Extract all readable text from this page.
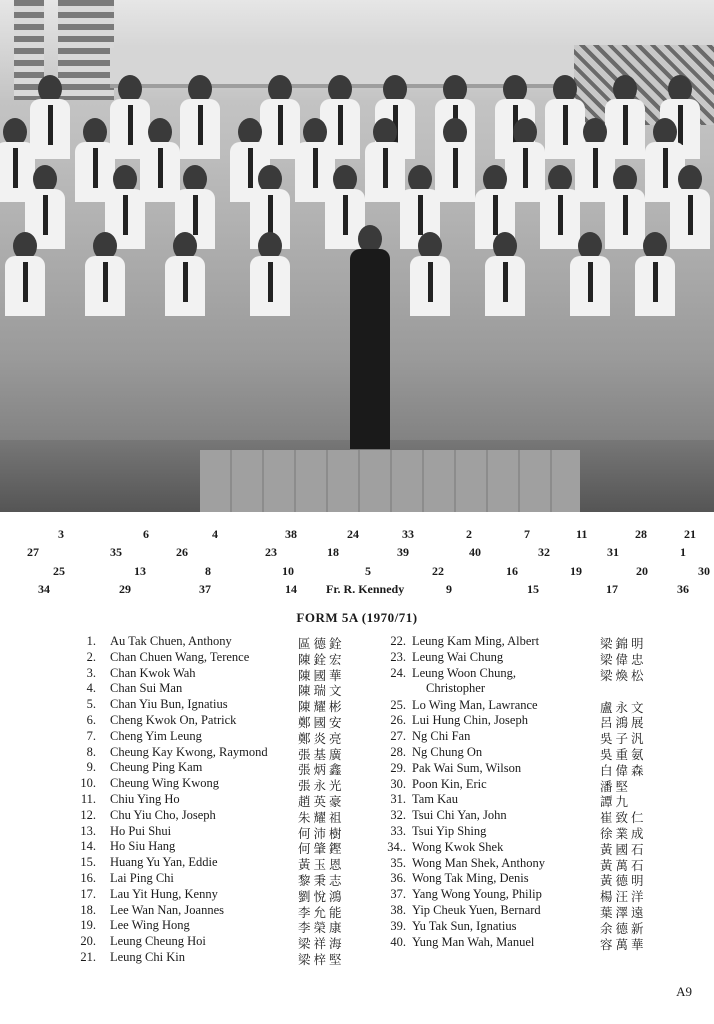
3	6	4	38	24	33	2	7	11	28	21
27	35	26	23	18	39	40	32	31	1
25	13	8	10	5	22	16	19	20	30
34	29	37	14 Fr. R. Kennedy	9	15	17	36
FORM 5A (1970/71)
1. Au Tak Chuen, Anthony	區德銓
2. Chan Chuen Wang, Terence	陳銓宏
3. Chan Kwok Wah	陳國華
4. Chan Sui Man	陳瑞文
5. Chan Yiu Bun, Ignatius	陳耀彬
6. Cheng Kwok On, Patrick	鄭國安
7. Cheng Yim Leung	鄭炎亮
8. Cheung Kay Kwong, Raymond 張基廣
9. Cheung Ping Kam	張炳鑫
10. Cheung Wing Kwong	張永光
11. Chiu Ying Ho	趙英豪
12. Chu Yiu Cho, Joseph	朱耀祖
13. Ho Pui Shui	何沛樹
14. Ho Siu Hang	何肇鏗
15. Huang Yu Yan, Eddie	黃玉恩
16. Lai Ping Chi	黎秉志
17. Lau Yit Hung, Kenny	劉悅鴻
18. Lee Wan Nan, Joannes	李允能
19. Lee Wing Hong	李榮康
20. Leung Cheung Hoi	梁祥海
21. Leung Chi Kin	梁梓堅
22. Leung Kam Ming, Albert	梁錦明
23. Leung Wai Chung	梁偉忠
24. Leung Woon Chung,	梁煥松
Christopher
25. Lo Wing Man, Lawrance	盧永文
26. Lui Hung Chin, Joseph	呂鴻展
27. Ng Chi Fan	吳子汎
28. Ng Chung On	吳重氨
29. Pak Wai Sum, Wilson	白偉森
30. Poon Kin, Eric	潘堅
31. Tam Kau	譚九
32. Tsui Chi Yan, John	崔致仁
33. Tsui Yip Shing	徐業成
34.. Wong Kwok Shek	黃國石
35. Wong Man Shek, Anthony	黃萬石
36. Wong Tak Ming, Denis	黃德明
37. Yang Wong Young, Philip	楊汪洋
38. Yip Cheuk Yuen, Bernard	葉澤遠
39. Yu Tak Sun, Ignatius	余德新
40. Yung Man Wah, Manuel	容萬華
A9
